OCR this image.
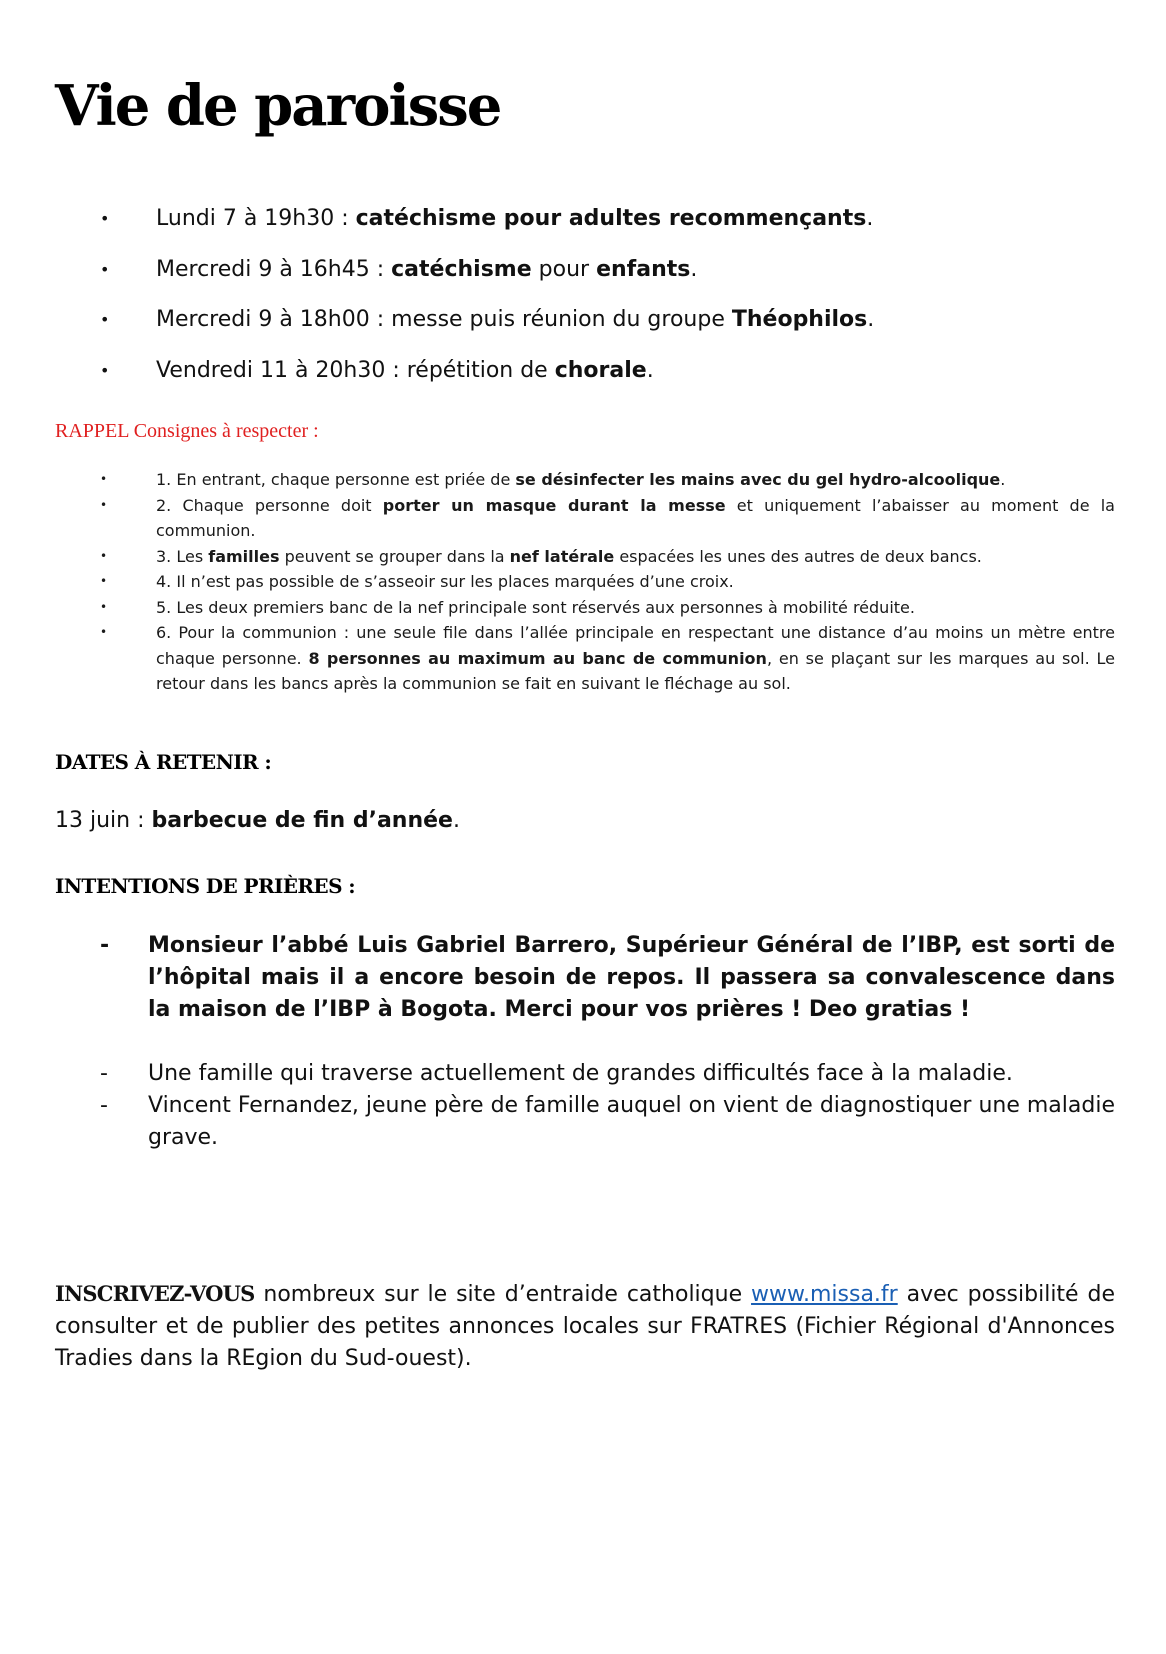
Vie de paroisse
• Lundi 7 à 19h30 : catéchisme pour adultes recommençants.
• Mercredi 9 à 16h45 : catéchisme pour enfants.
• Mercredi 9 à 18h00 : messe puis réunion du groupe Théophilos.
• Vendredi 11 à 20h30 : répétition de chorale.
RAPPEL Consignes à respecter :
•	1. En entrant, chaque personne est priée de se désinfecter les mains avec du gel hydro-alcoolique.
•	2. Chaque personne doit porter un masque durant la messe et uniquement l’abaisser au moment de la communion.
•	3. Les familles peuvent se grouper dans la nef latérale espacées les unes des autres de deux bancs.
•	4. Il n’est pas possible de s’asseoir sur les places marquées d’une croix.
•	5. Les deux premiers banc de la nef principale sont réservés aux personnes à mobilité réduite.
•	6. Pour la communion : une seule file dans l’allée principale en respectant une distance d’au moins un mètre entre chaque personne. 8 personnes au maximum au banc de communion, en se plaçant sur les marques au sol. Le retour dans les bancs après la communion se fait en suivant le fléchage au sol.
DATES À RETENIR :

13 juin : barbecue de fin d’année.

INTENTIONS DE PRIÈRES :
- Monsieur l’abbé Luis Gabriel Barrero, Supérieur Général de l’IBP, est sorti de l’hôpital mais il a encore besoin de repos. Il passera sa convalescence dans la maison de l’IBP à Bogota. Merci pour vos prières ! Deo gratias !
- Une famille qui traverse actuellement de grandes difficultés face à la maladie.
- Vincent Fernandez, jeune père de famille auquel on vient de diagnostiquer une maladie grave.

INSCRIVEZ-VOUS nombreux sur le site d’entraide catholique www.missa.fr avec possibilité de consulter et de publier des petites annonces locales sur FRATRES (Fichier Régional d'Annonces Tradies dans la REgion du Sud-ouest).
